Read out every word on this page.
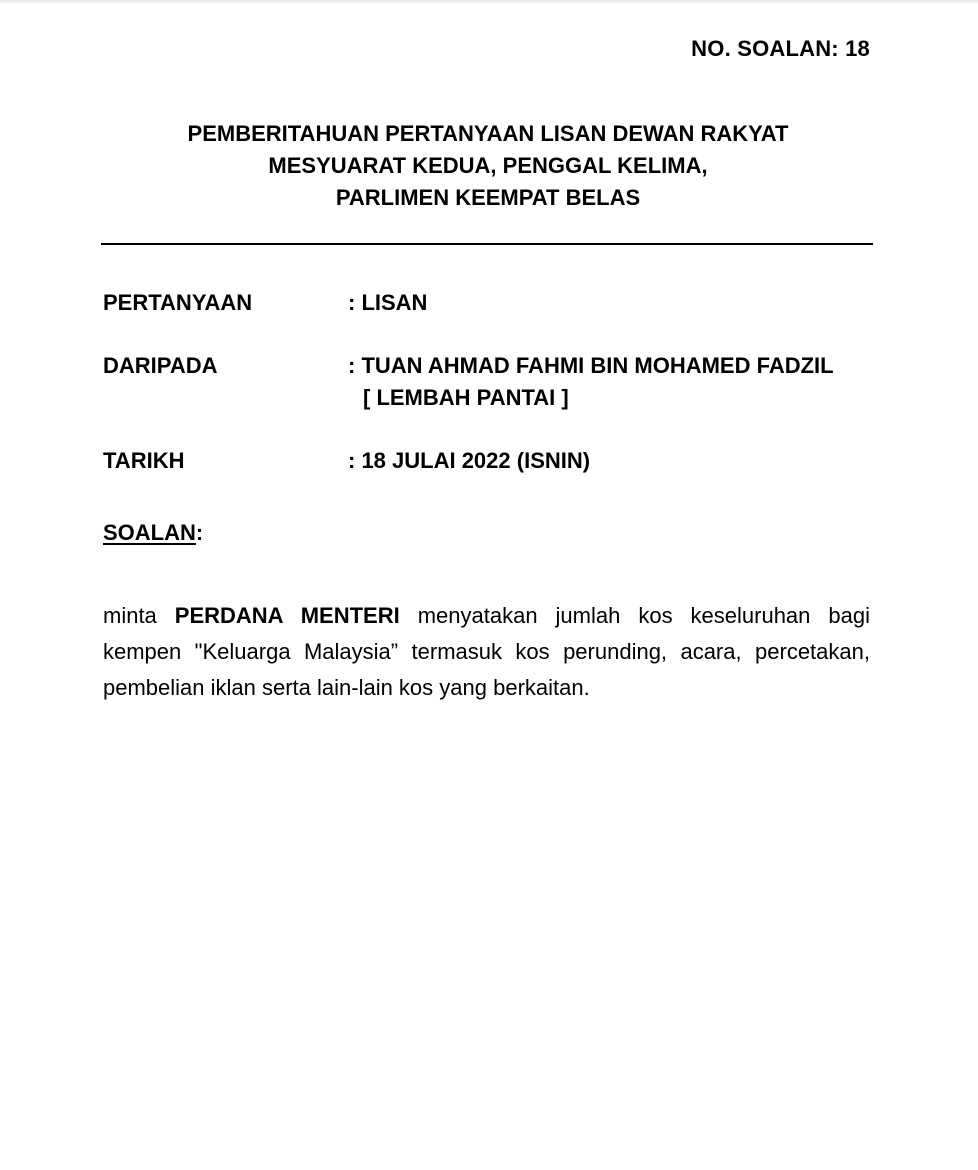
NO. SOALAN: 18
PEMBERITAHUAN PERTANYAAN LISAN DEWAN RAKYAT
MESYUARAT KEDUA, PENGGAL KELIMA,
PARLIMEN KEEMPAT BELAS
PERTANYAAN	: LISAN
DARIPADA	: TUAN AHMAD FAHMI BIN MOHAMED FADZIL
[ LEMBAH PANTAI ]
TARIKH	: 18 JULAI 2022 (ISNIN)
SOALAN:
minta PERDANA MENTERI menyatakan jumlah kos keseluruhan bagi
kempen "Keluarga Malaysia” termasuk kos perunding, acara, percetakan,
pembelian iklan serta lain-lain kos yang berkaitan.
